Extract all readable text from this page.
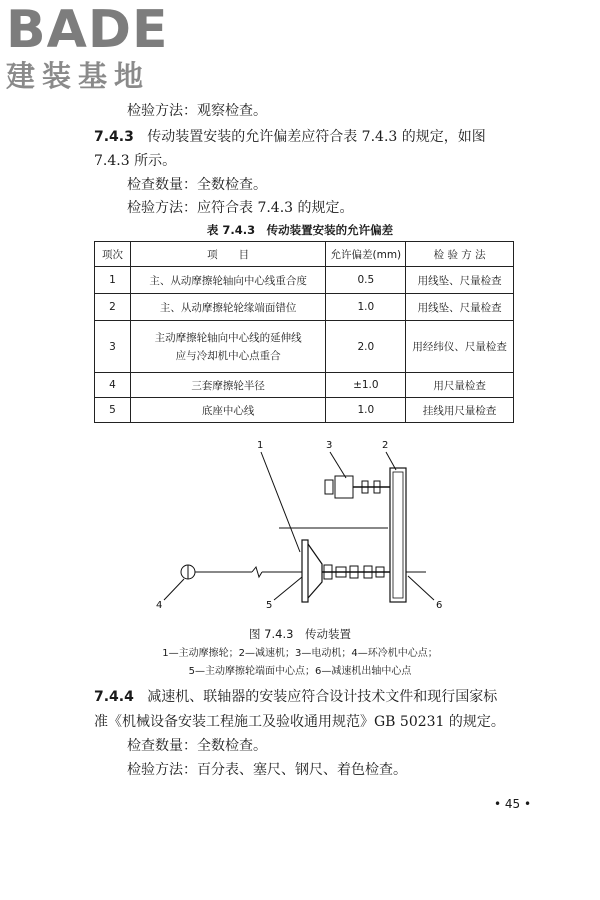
BADE
建装基地
检验方法：观察检查。
7.4.3 传动装置安装的允许偏差应符合表 7.4.3 的规定，如图
7.4.3 所示。
检查数量：全数检查。
检验方法：应符合表 7.4.3 的规定。
表 7.4.3　传动装置安装的允许偏差
项次	项　　目	允许偏差(mm)	检 验 方 法
1	主、从动摩擦轮轴向中心线重合度	0.5	用线坠、尺量检查
2	主、从动摩擦轮轮缘端面错位	1.0	用线坠、尺量检查
3	主动摩擦轮轴向中心线的延伸线
应与冷却机中心点重合	2.0	用经纬仪、尺量检查
4	三套摩擦轮半径	±1.0	用尺量检查
5	底座中心线	1.0	挂线用尺量检查
1	3	2
4	5	6
图 7.4.3　传动装置
1—主动摩擦轮；2—减速机；3—电动机；4—环冷机中心点；
5—主动摩擦轮端面中心点；6—减速机出轴中心点
7.4.4 减速机、联轴器的安装应符合设计技术文件和现行国家标
准《机械设备安装工程施工及验收通用规范》GB 50231 的规定。
检查数量：全数检查。
检验方法：百分表、塞尺、钢尺、着色检查。
• 45 •
